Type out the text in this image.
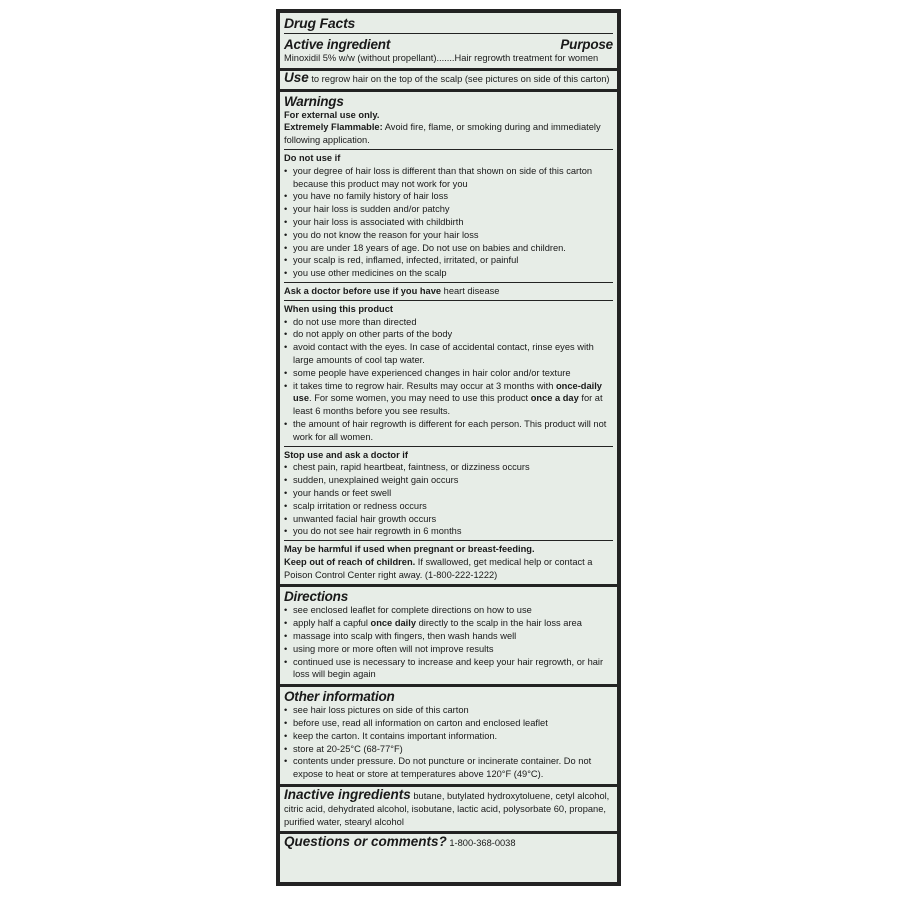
Drug Facts
Active ingredient	Purpose
Minoxidil 5% w/w (without propellant).......Hair regrowth treatment for women
Use to regrow hair on the top of the scalp (see pictures on side of this carton)
Warnings
For external use only.
Extremely Flammable: Avoid fire, flame, or smoking during and immediately following application.
Do not use if
• your degree of hair loss is different than that shown on side of this carton because this product may not work for you
• you have no family history of hair loss
• your hair loss is sudden and/or patchy
• your hair loss is associated with childbirth
• you do not know the reason for your hair loss
• you are under 18 years of age. Do not use on babies and children.
• your scalp is red, inflamed, infected, irritated, or painful
• you use other medicines on the scalp
Ask a doctor before use if you have heart disease
When using this product
• do not use more than directed
• do not apply on other parts of the body
• avoid contact with the eyes. In case of accidental contact, rinse eyes with large amounts of cool tap water.
• some people have experienced changes in hair color and/or texture
• it takes time to regrow hair. Results may occur at 3 months with once-daily use. For some women, you may need to use this product once a day for at least 6 months before you see results.
• the amount of hair regrowth is different for each person. This product will not work for all women.
Stop use and ask a doctor if
• chest pain, rapid heartbeat, faintness, or dizziness occurs
• sudden, unexplained weight gain occurs
• your hands or feet swell
• scalp irritation or redness occurs
• unwanted facial hair growth occurs
• you do not see hair regrowth in 6 months
May be harmful if used when pregnant or breast-feeding.
Keep out of reach of children. If swallowed, get medical help or contact a Poison Control Center right away. (1-800-222-1222)
Directions
• see enclosed leaflet for complete directions on how to use
• apply half a capful once daily directly to the scalp in the hair loss area
• massage into scalp with fingers, then wash hands well
• using more or more often will not improve results
• continued use is necessary to increase and keep your hair regrowth, or hair loss will begin again
Other information
• see hair loss pictures on side of this carton
• before use, read all information on carton and enclosed leaflet
• keep the carton. It contains important information.
• store at 20-25°C (68-77°F)
• contents under pressure. Do not puncture or incinerate container. Do not expose to heat or store at temperatures above 120°F (49°C).
Inactive ingredients butane, butylated hydroxytoluene, cetyl alcohol, citric acid, dehydrated alcohol, isobutane, lactic acid, polysorbate 60, propane, purified water, stearyl alcohol
Questions or comments? 1-800-368-0038
